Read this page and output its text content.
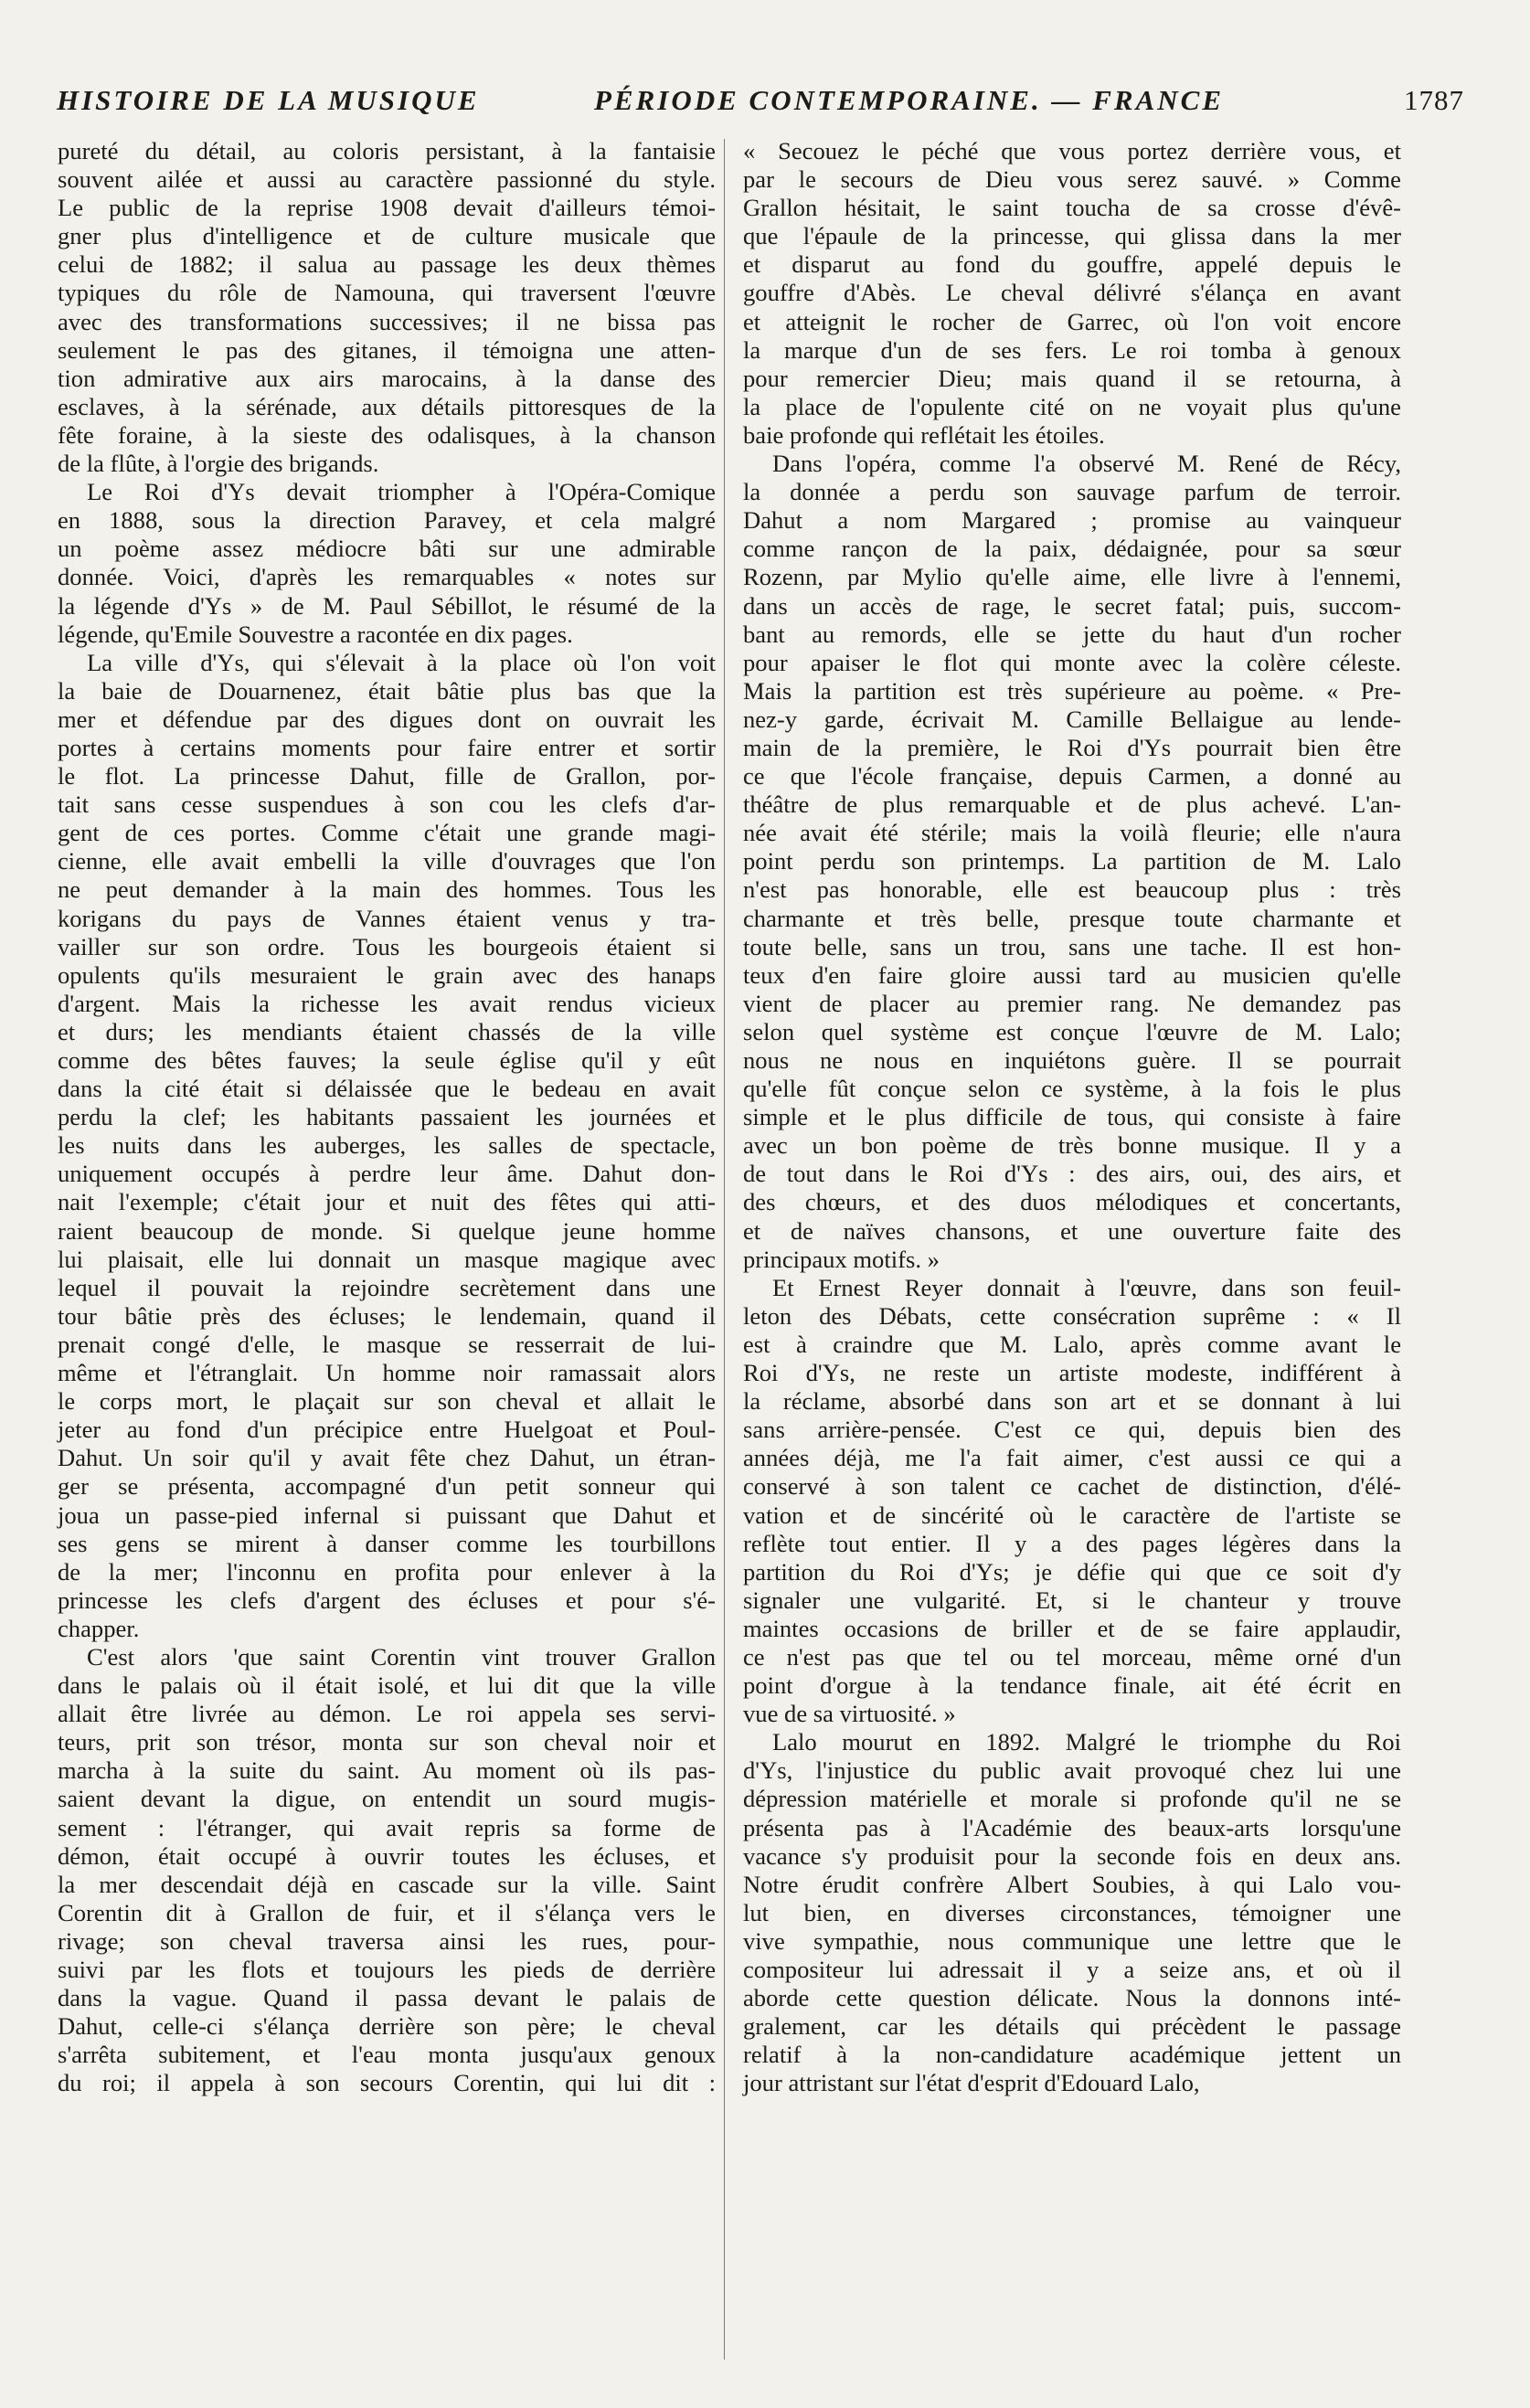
HISTOIRE DE LA MUSIQUE	PÉRIODE CONTEMPORAINE. — FRANCE	1787
pureté du détail, au coloris persistant, à la fantaisie
souvent ailée et aussi au caractère passionné du style.
Le public de la reprise 1908 devait d'ailleurs témoi-
gner plus d'intelligence et de culture musicale que
celui de 1882; il salua au passage les deux thèmes
typiques du rôle de Namouna, qui traversent l'œuvre
avec des transformations successives; il ne bissa pas
seulement le pas des gitanes, il témoigna une atten-
tion admirative aux airs marocains, à la danse des
esclaves, à la sérénade, aux détails pittoresques de la
fête foraine, à la sieste des odalisques, à la chanson
de la flûte, à l'orgie des brigands.
Le Roi d'Ys devait triompher à l'Opéra-Comique
en 1888, sous la direction Paravey, et cela malgré
un poème assez médiocre bâti sur une admirable
donnée. Voici, d'après les remarquables « notes sur
la légende d'Ys » de M. Paul Sébillot, le résumé de la
légende, qu'Emile Souvestre a racontée en dix pages.
La ville d'Ys, qui s'élevait à la place où l'on voit
la baie de Douarnenez, était bâtie plus bas que la
mer et défendue par des digues dont on ouvrait les
portes à certains moments pour faire entrer et sortir
le flot. La princesse Dahut, fille de Grallon, por-
tait sans cesse suspendues à son cou les clefs d'ar-
gent de ces portes. Comme c'était une grande magi-
cienne, elle avait embelli la ville d'ouvrages que l'on
ne peut demander à la main des hommes. Tous les
korigans du pays de Vannes étaient venus y tra-
vailler sur son ordre. Tous les bourgeois étaient si
opulents qu'ils mesuraient le grain avec des hanaps
d'argent. Mais la richesse les avait rendus vicieux
et durs; les mendiants étaient chassés de la ville
comme des bêtes fauves; la seule église qu'il y eût
dans la cité était si délaissée que le bedeau en avait
perdu la clef; les habitants passaient les journées et
les nuits dans les auberges, les salles de spectacle,
uniquement occupés à perdre leur âme. Dahut don-
nait l'exemple; c'était jour et nuit des fêtes qui atti-
raient beaucoup de monde. Si quelque jeune homme
lui plaisait, elle lui donnait un masque magique avec
lequel il pouvait la rejoindre secrètement dans une
tour bâtie près des écluses; le lendemain, quand il
prenait congé d'elle, le masque se resserrait de lui-
même et l'étranglait. Un homme noir ramassait alors
le corps mort, le plaçait sur son cheval et allait le
jeter au fond d'un précipice entre Huelgoat et Poul-
Dahut. Un soir qu'il y avait fête chez Dahut, un étran-
ger se présenta, accompagné d'un petit sonneur qui
joua un passe-pied infernal si puissant que Dahut et
ses gens se mirent à danser comme les tourbillons
de la mer; l'inconnu en profita pour enlever à la
princesse les clefs d'argent des écluses et pour s'é-
chapper.
C'est alors 'que saint Corentin vint trouver Grallon
dans le palais où il était isolé, et lui dit que la ville
allait être livrée au démon. Le roi appela ses servi-
teurs, prit son trésor, monta sur son cheval noir et
marcha à la suite du saint. Au moment où ils pas-
saient devant la digue, on entendit un sourd mugis-
sement : l'étranger, qui avait repris sa forme de
démon, était occupé à ouvrir toutes les écluses, et
la mer descendait déjà en cascade sur la ville. Saint
Corentin dit à Grallon de fuir, et il s'élança vers le
rivage; son cheval traversa ainsi les rues, pour-
suivi par les flots et toujours les pieds de derrière
dans la vague. Quand il passa devant le palais de
Dahut, celle-ci s'élança derrière son père; le cheval
s'arrêta subitement, et l'eau monta jusqu'aux genoux
du roi; il appela à son secours Corentin, qui lui dit :
« Secouez le péché que vous portez derrière vous, et
par le secours de Dieu vous serez sauvé. » Comme
Grallon hésitait, le saint toucha de sa crosse d'évê-
que l'épaule de la princesse, qui glissa dans la mer
et disparut au fond du gouffre, appelé depuis le
gouffre d'Abès. Le cheval délivré s'élança en avant
et atteignit le rocher de Garrec, où l'on voit encore
la marque d'un de ses fers. Le roi tomba à genoux
pour remercier Dieu; mais quand il se retourna, à
la place de l'opulente cité on ne voyait plus qu'une
baie profonde qui reflétait les étoiles.
Dans l'opéra, comme l'a observé M. René de Récy,
la donnée a perdu son sauvage parfum de terroir.
Dahut a nom Margared ; promise au vainqueur
comme rançon de la paix, dédaignée, pour sa sœur
Rozenn, par Mylio qu'elle aime, elle livre à l'ennemi,
dans un accès de rage, le secret fatal; puis, succom-
bant au remords, elle se jette du haut d'un rocher
pour apaiser le flot qui monte avec la colère céleste.
Mais la partition est très supérieure au poème. « Pre-
nez-y garde, écrivait M. Camille Bellaigue au lende-
main de la première, le Roi d'Ys pourrait bien être
ce que l'école française, depuis Carmen, a donné au
théâtre de plus remarquable et de plus achevé. L'an-
née avait été stérile; mais la voilà fleurie; elle n'aura
point perdu son printemps. La partition de M. Lalo
n'est pas honorable, elle est beaucoup plus : très
charmante et très belle, presque toute charmante et
toute belle, sans un trou, sans une tache. Il est hon-
teux d'en faire gloire aussi tard au musicien qu'elle
vient de placer au premier rang. Ne demandez pas
selon quel système est conçue l'œuvre de M. Lalo;
nous ne nous en inquiétons guère. Il se pourrait
qu'elle fût conçue selon ce système, à la fois le plus
simple et le plus difficile de tous, qui consiste à faire
avec un bon poème de très bonne musique. Il y a
de tout dans le Roi d'Ys : des airs, oui, des airs, et
des chœurs, et des duos mélodiques et concertants,
et de naïves chansons, et une ouverture faite des
principaux motifs. »
Et Ernest Reyer donnait à l'œuvre, dans son feuil-
leton des Débats, cette consécration suprême : « Il
est à craindre que M. Lalo, après comme avant le
Roi d'Ys, ne reste un artiste modeste, indifférent à
la réclame, absorbé dans son art et se donnant à lui
sans arrière-pensée. C'est ce qui, depuis bien des
années déjà, me l'a fait aimer, c'est aussi ce qui a
conservé à son talent ce cachet de distinction, d'élé-
vation et de sincérité où le caractère de l'artiste se
reflète tout entier. Il y a des pages légères dans la
partition du Roi d'Ys; je défie qui que ce soit d'y
signaler une vulgarité. Et, si le chanteur y trouve
maintes occasions de briller et de se faire applaudir,
ce n'est pas que tel ou tel morceau, même orné d'un
point d'orgue à la tendance finale, ait été écrit en
vue de sa virtuosité. »
Lalo mourut en 1892. Malgré le triomphe du Roi
d'Ys, l'injustice du public avait provoqué chez lui une
dépression matérielle et morale si profonde qu'il ne se
présenta pas à l'Académie des beaux-arts lorsqu'une
vacance s'y produisit pour la seconde fois en deux ans.
Notre érudit confrère Albert Soubies, à qui Lalo vou-
lut bien, en diverses circonstances, témoigner une
vive sympathie, nous communique une lettre que le
compositeur lui adressait il y a seize ans, et où il
aborde cette question délicate. Nous la donnons inté-
gralement, car les détails qui précèdent le passage
relatif à la non-candidature académique jettent un
jour attristant sur l'état d'esprit d'Edouard Lalo,
